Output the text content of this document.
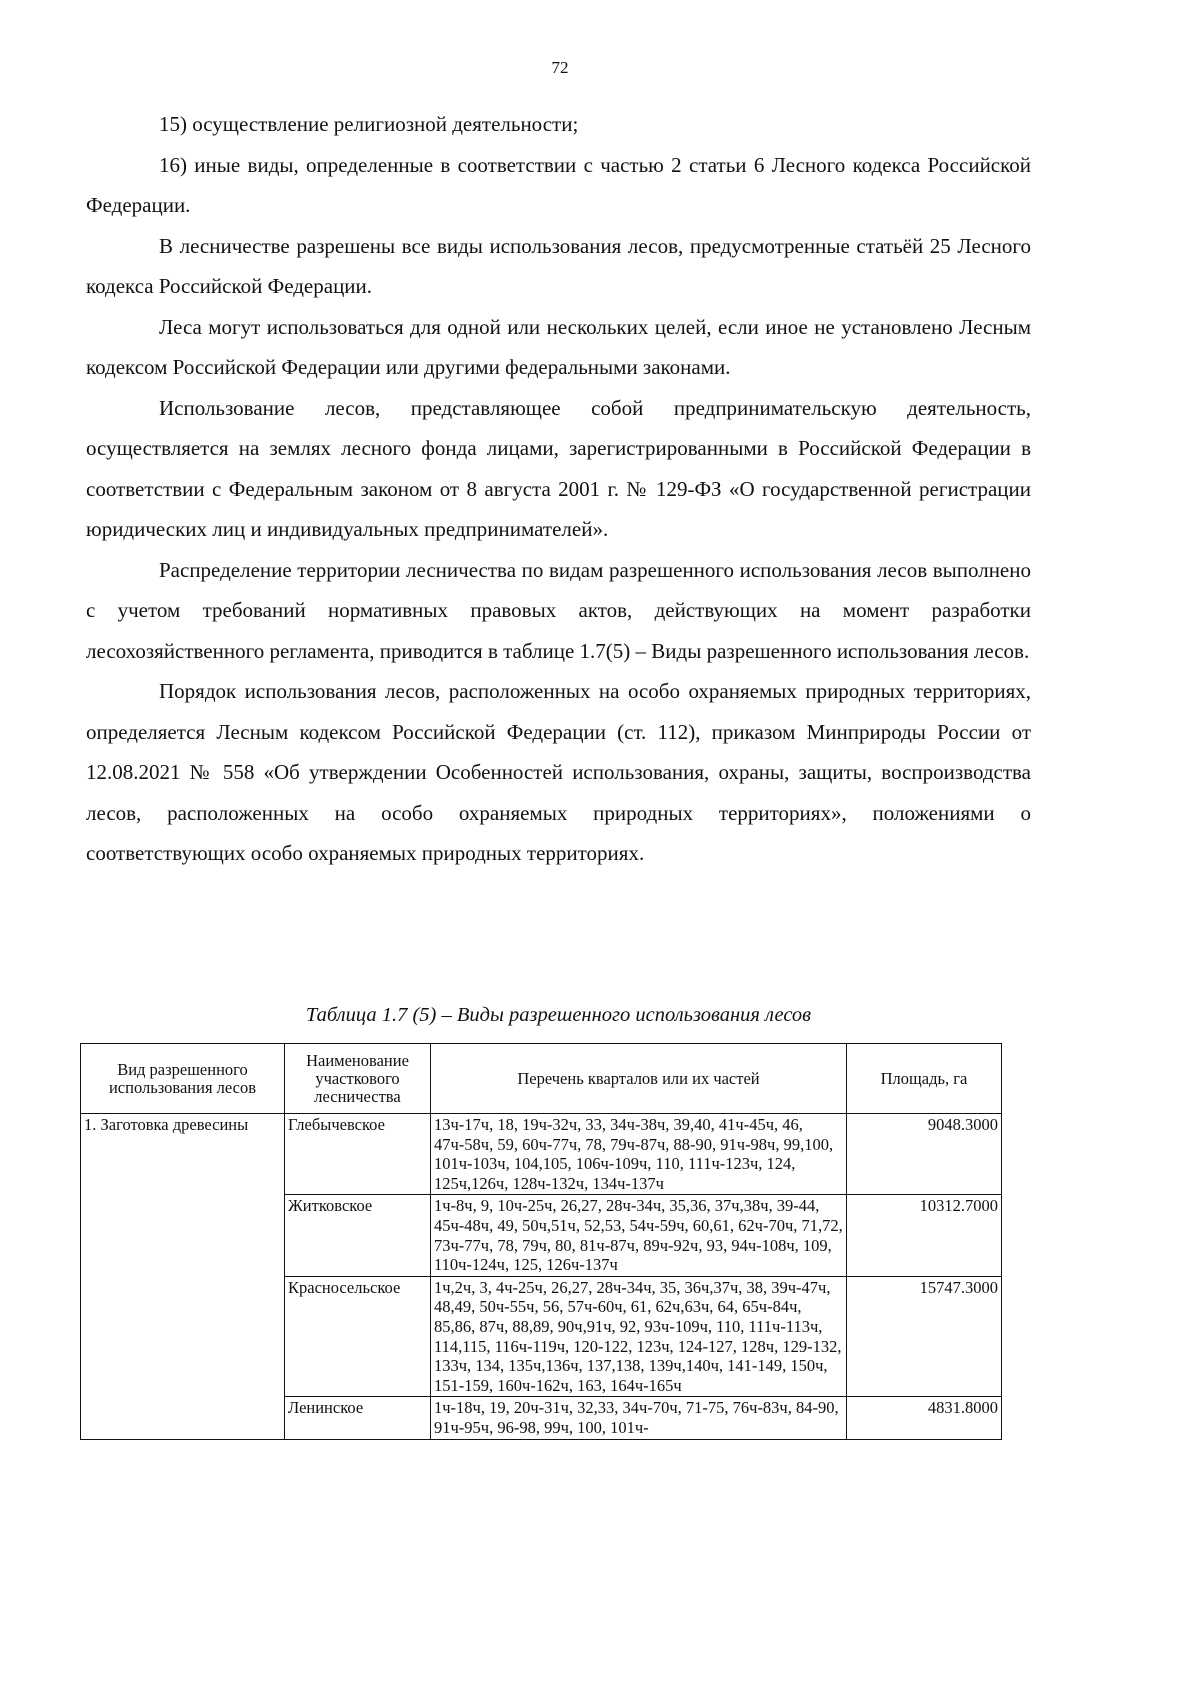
72

15) осуществление религиозной деятельности;

16) иные виды, определенные в соответствии с частью 2 статьи 6 Лесного кодекса Российской Федерации.

В лесничестве разрешены все виды использования лесов, предусмотренные статьёй 25 Лесного кодекса Российской Федерации.

Леса могут использоваться для одной или нескольких целей, если иное не установлено Лесным кодексом Российской Федерации или другими федеральными законами.

Использование лесов, представляющее собой предпринимательскую деятельность, осуществляется на землях лесного фонда лицами, зарегистрированными в Российской Федерации в соответствии с Федеральным законом от 8 августа 2001 г. № 129-ФЗ «О государственной регистрации юридических лиц и индивидуальных предпринимателей».

Распределение территории лесничества по видам разрешенного использования лесов выполнено с учетом требований нормативных правовых актов, действующих на момент разработки лесохозяйственного регламента, приводится в таблице 1.7(5) – Виды разрешенного использования лесов.

Порядок использования лесов, расположенных на особо охраняемых природных территориях, определяется Лесным кодексом Российской Федерации (ст. 112), приказом Минприроды России от 12.08.2021 № 558 «Об утверждении Особенностей использования, охраны, защиты, воспроизводства лесов, расположенных на особо охраняемых природных территориях», положениями о соответствующих особо охраняемых природных территориях.

Таблица 1.7 (5) – Виды разрешенного использования лесов
Вид разрешенного использования лесов	Наименование участкового лесничества	Перечень кварталов или их частей	Площадь, га
1. Заготовка древесины	Глебычевское	13ч-17ч, 18, 19ч-32ч, 33, 34ч-38ч, 39,40, 41ч-45ч, 46, 47ч-58ч, 59, 60ч-77ч, 78, 79ч-87ч, 88-90, 91ч-98ч, 99,100, 101ч-103ч, 104,105, 106ч-109ч, 110, 111ч-123ч, 124, 125ч,126ч, 128ч-132ч, 134ч-137ч	9048.3000
	Житковское	1ч-8ч, 9, 10ч-25ч, 26,27, 28ч-34ч, 35,36, 37ч,38ч, 39-44, 45ч-48ч, 49, 50ч,51ч, 52,53, 54ч-59ч, 60,61, 62ч-70ч, 71,72, 73ч-77ч, 78, 79ч, 80, 81ч-87ч, 89ч-92ч, 93, 94ч-108ч, 109, 110ч-124ч, 125, 126ч-137ч	10312.7000
	Красносельское	1ч,2ч, 3, 4ч-25ч, 26,27, 28ч-34ч, 35, 36ч,37ч, 38, 39ч-47ч, 48,49, 50ч-55ч, 56, 57ч-60ч, 61, 62ч,63ч, 64, 65ч-84ч, 85,86, 87ч, 88,89, 90ч,91ч, 92, 93ч-109ч, 110, 111ч-113ч, 114,115, 116ч-119ч, 120-122, 123ч, 124-127, 128ч, 129-132, 133ч, 134, 135ч,136ч, 137,138, 139ч,140ч, 141-149, 150ч, 151-159, 160ч-162ч, 163, 164ч-165ч	15747.3000
	Ленинское	1ч-18ч, 19, 20ч-31ч, 32,33, 34ч-70ч, 71-75, 76ч-83ч, 84-90, 91ч-95ч, 96-98, 99ч, 100, 101ч-	4831.8000
